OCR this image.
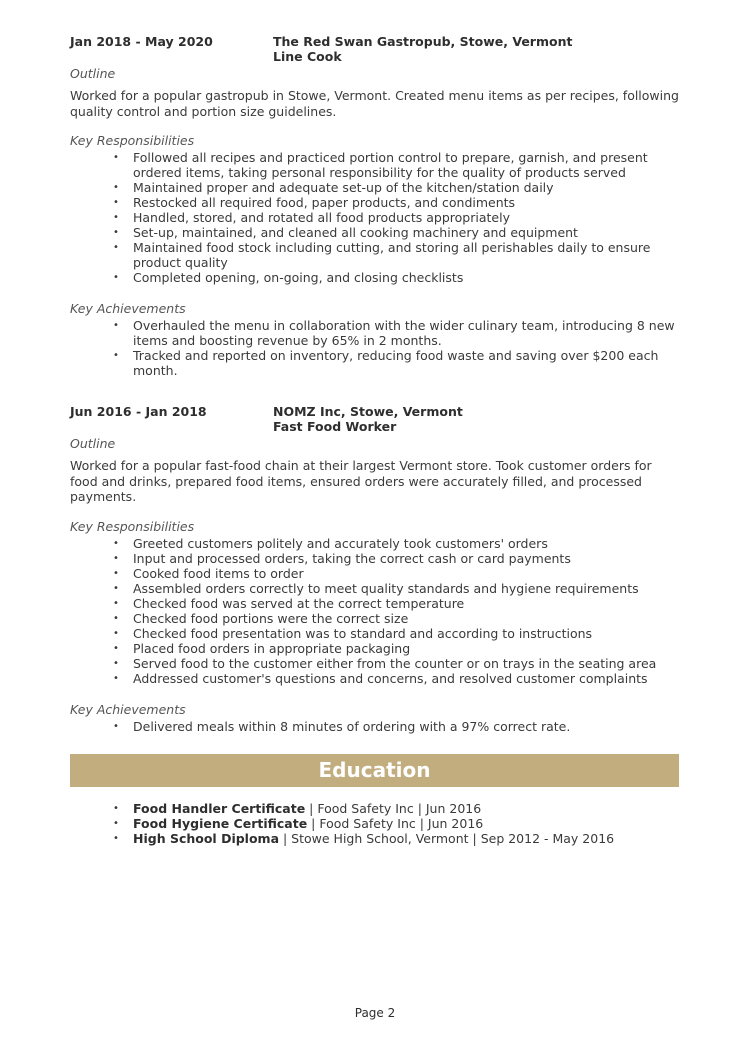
Jan 2018 - May 2020	The Red Swan Gastropub, Stowe, Vermont
Line Cook
Outline
Worked for a popular gastropub in Stowe, Vermont. Created menu items as per recipes, following quality control and portion size guidelines.
Key Responsibilities
• Followed all recipes and practiced portion control to prepare, garnish, and present ordered items, taking personal responsibility for the quality of products served
• Maintained proper and adequate set-up of the kitchen/station daily
• Restocked all required food, paper products, and condiments
• Handled, stored, and rotated all food products appropriately
• Set-up, maintained, and cleaned all cooking machinery and equipment
• Maintained food stock including cutting, and storing all perishables daily to ensure product quality
• Completed opening, on-going, and closing checklists
Key Achievements
• Overhauled the menu in collaboration with the wider culinary team, introducing 8 new items and boosting revenue by 65% in 2 months.
• Tracked and reported on inventory, reducing food waste and saving over $200 each month.
Jun 2016 - Jan 2018	NOMZ Inc, Stowe, Vermont
Fast Food Worker
Outline
Worked for a popular fast-food chain at their largest Vermont store. Took customer orders for food and drinks, prepared food items, ensured orders were accurately filled, and processed payments.
Key Responsibilities
• Greeted customers politely and accurately took customers' orders
• Input and processed orders, taking the correct cash or card payments
• Cooked food items to order
• Assembled orders correctly to meet quality standards and hygiene requirements
• Checked food was served at the correct temperature
• Checked food portions were the correct size
• Checked food presentation was to standard and according to instructions
• Placed food orders in appropriate packaging
• Served food to the customer either from the counter or on trays in the seating area
• Addressed customer's questions and concerns, and resolved customer complaints
Key Achievements
• Delivered meals within 8 minutes of ordering with a 97% correct rate.
Education
• Food Handler Certificate | Food Safety Inc | Jun 2016
• Food Hygiene Certificate | Food Safety Inc | Jun 2016
• High School Diploma | Stowe High School, Vermont | Sep 2012 - May 2016
Page 2
